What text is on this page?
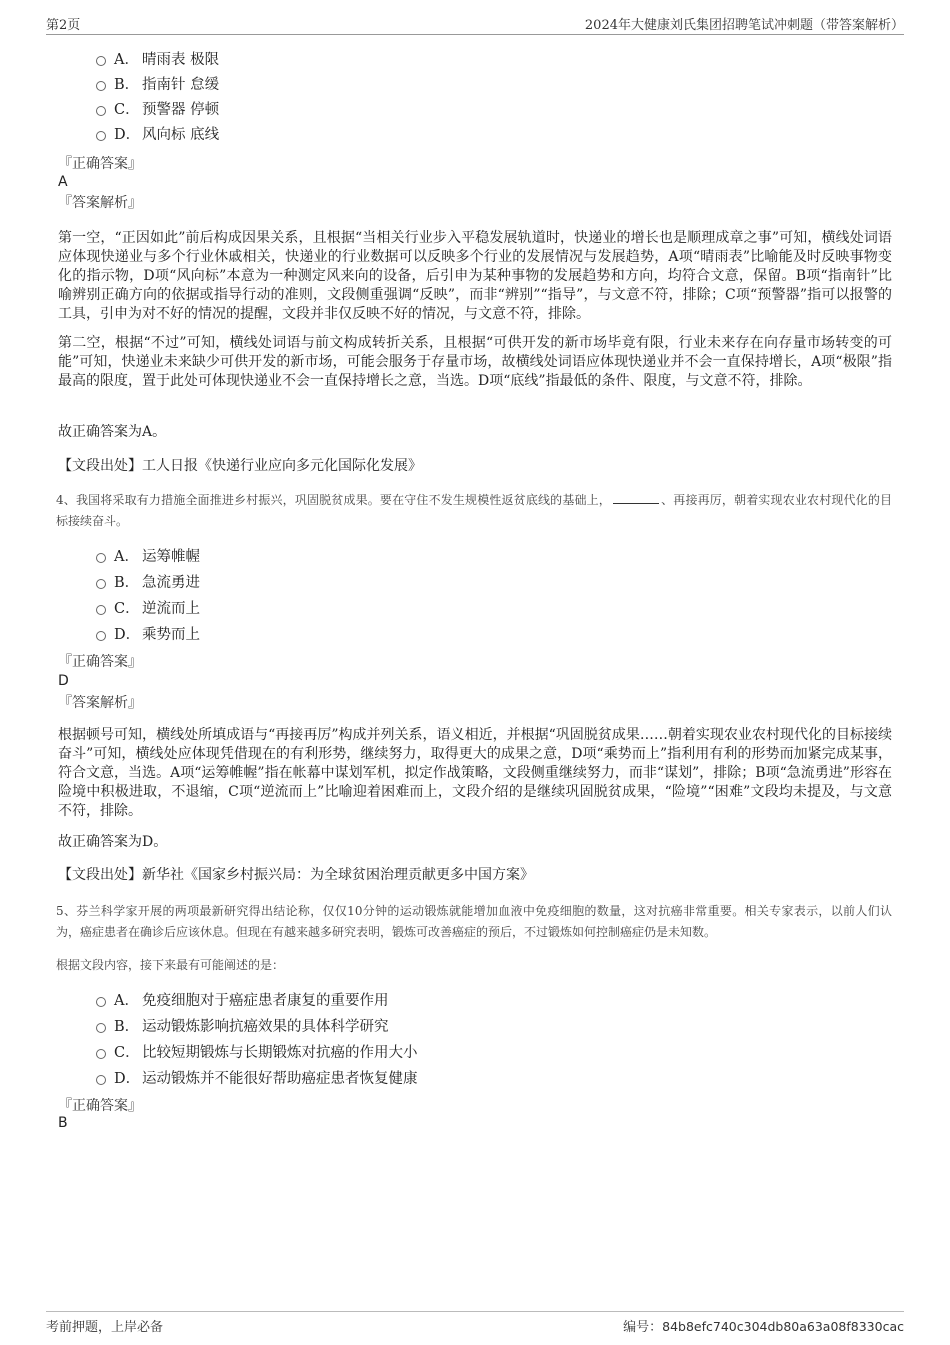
第2页	2024年大健康刘氏集团招聘笔试冲刺题（带答案解析）
A． 晴雨表 极限
B． 指南针 怠缓
C． 预警器 停顿
D． 风向标 底线
『正确答案』
A
『答案解析』

第一空，“正因如此”前后构成因果关系，且根据“当相关行业步入平稳发展轨道时，快递业的增长也是顺理成章之事”可知，横线处词语应体现快递业与多个行业休戚相关，快递业的行业数据可以反映多个行业的发展情况与发展趋势，A项“晴雨表”比喻能及时反映事物变化的指示物，D项“风向标”本意为一种测定风来向的设备，后引申为某种事物的发展趋势和方向，均符合文意，保留。B项“指南针”比喻辨别正确方向的依据或指导行动的准则，文段侧重强调“反映”，而非“辨别”“指导”，与文意不符，排除；C项“预警器”指可以报警的工具，引申为对不好的情况的提醒，文段并非仅反映不好的情况，与文意不符，排除。

第二空，根据“不过”可知，横线处词语与前文构成转折关系，且根据“可供开发的新市场毕竟有限，行业未来存在向存量市场转变的可能”可知，快递业未来缺少可供开发的新市场，可能会服务于存量市场，故横线处词语应体现快递业并不会一直保持增长，A项“极限”指最高的限度，置于此处可体现快递业不会一直保持增长之意，当选。D项“底线”指最低的条件、限度，与文意不符，排除。

故正确答案为A。

【文段出处】工人日报《快递行业应向多元化国际化发展》

4、我国将采取有力措施全面推进乡村振兴，巩固脱贫成果。要在守住不发生规模性返贫底线的基础上，	、再接再厉，朝着实现农业农村现代化的目标接续奋斗。

A． 运筹帷幄
B． 急流勇进
C． 逆流而上
D． 乘势而上
『正确答案』
D
『答案解析』

根据顿号可知，横线处所填成语与“再接再厉”构成并列关系，语义相近，并根据“巩固脱贫成果……朝着实现农业农村现代化的目标接续奋斗”可知，横线处应体现凭借现在的有利形势，继续努力，取得更大的成果之意，D项“乘势而上”指利用有利的形势而加紧完成某事，符合文意，当选。A项“运筹帷幄”指在帐幕中谋划军机，拟定作战策略，文段侧重继续努力，而非“谋划”，排除；B项“急流勇进”形容在险境中积极进取，不退缩，C项“逆流而上”比喻迎着困难而上，文段介绍的是继续巩固脱贫成果，“险境”“困难”文段均未提及，与文意不符，排除。

故正确答案为D。

【文段出处】新华社《国家乡村振兴局：为全球贫困治理贡献更多中国方案》

5、芬兰科学家开展的两项最新研究得出结论称，仅仅10分钟的运动锻炼就能增加血液中免疫细胞的数量，这对抗癌非常重要。相关专家表示，以前人们认为，癌症患者在确诊后应该休息。但现在有越来越多研究表明，锻炼可改善癌症的预后，不过锻炼如何控制癌症仍是未知数。

根据文段内容，接下来最有可能阐述的是：

A． 免疫细胞对于癌症患者康复的重要作用
B． 运动锻炼影响抗癌效果的具体科学研究
C． 比较短期锻炼与长期锻炼对抗癌的作用大小
D． 运动锻炼并不能很好帮助癌症患者恢复健康
『正确答案』
B
考前押题，上岸必备	编号：84b8efc740c304db80a63a08f8330cac
